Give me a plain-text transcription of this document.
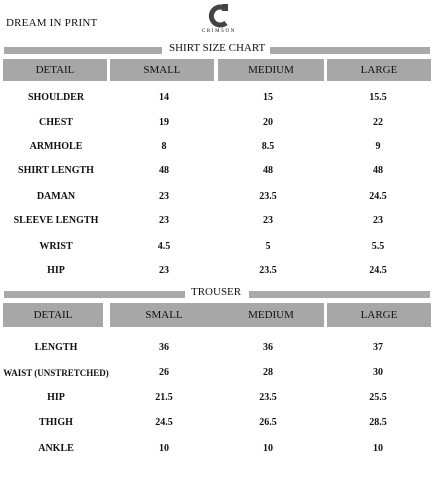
DREAM IN PRINT
CRIMSON
SHIRT SIZE CHART
DETAIL	SMALL	MEDIUM	LARGE
SHOULDER	14	15	15.5
CHEST	19	20	22
ARMHOLE	8	8.5	9
SHIRT LENGTH	48	48	48
DAMAN	23	23.5	24.5
SLEEVE LENGTH	23	23	23
WRIST	4.5	5	5.5
HIP	23	23.5	24.5
TROUSER
DETAIL	SMALL	MEDIUM	LARGE
LENGTH	36	36	37
WAIST (UNSTRETCHED)	26	28	30
HIP	21.5	23.5	25.5
THIGH	24.5	26.5	28.5
ANKLE	10	10	10
